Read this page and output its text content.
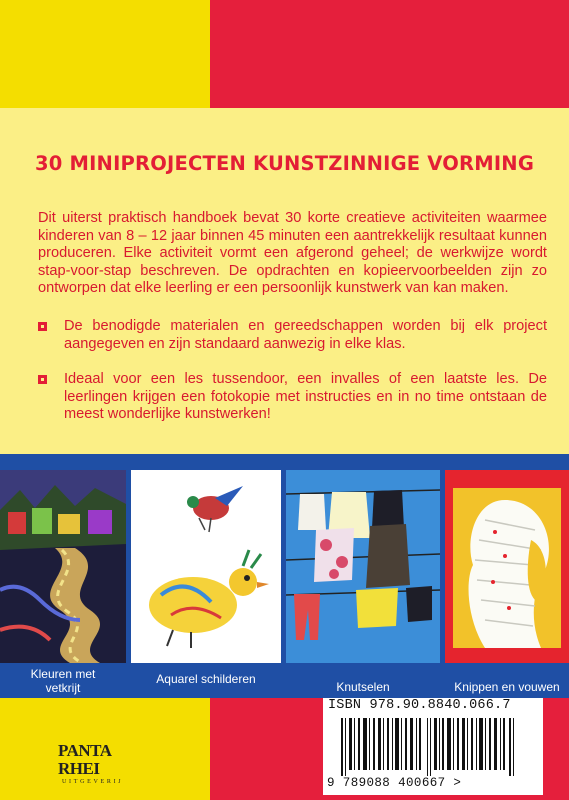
30 MINIPROJECTEN KUNSTZINNIGE VORMING
Dit uiterst praktisch handboek bevat 30 korte creatieve activiteiten waarmee kinderen van 8 – 12 jaar binnen 45 minuten een aantrekkelijk resultaat kunnen produceren. Elke activiteit vormt een afgerond geheel; de werkwijze wordt stap-voor-stap beschreven. De opdrachten en kopieervoorbeelden zijn zo ontworpen dat elke leerling er een persoonlijk kunstwerk van kan maken.
De benodigde materialen en gereedschappen worden bij elk project aangegeven en zijn standaard aanwezig in elke klas.
Ideaal voor een les tussendoor, een invalles of een laatste les. De leerlingen krijgen een fotokopie met instructies en in no time ontstaan de meest wonderlijke kunstwerken!
Kleuren met
vetkrijt
Aquarel schilderen
Knutselen	Knippen en vouwen
ISBN 978.90.8840.066.7
9 789088 400667 >
PANTA RHEI
UITGEVERIJ
